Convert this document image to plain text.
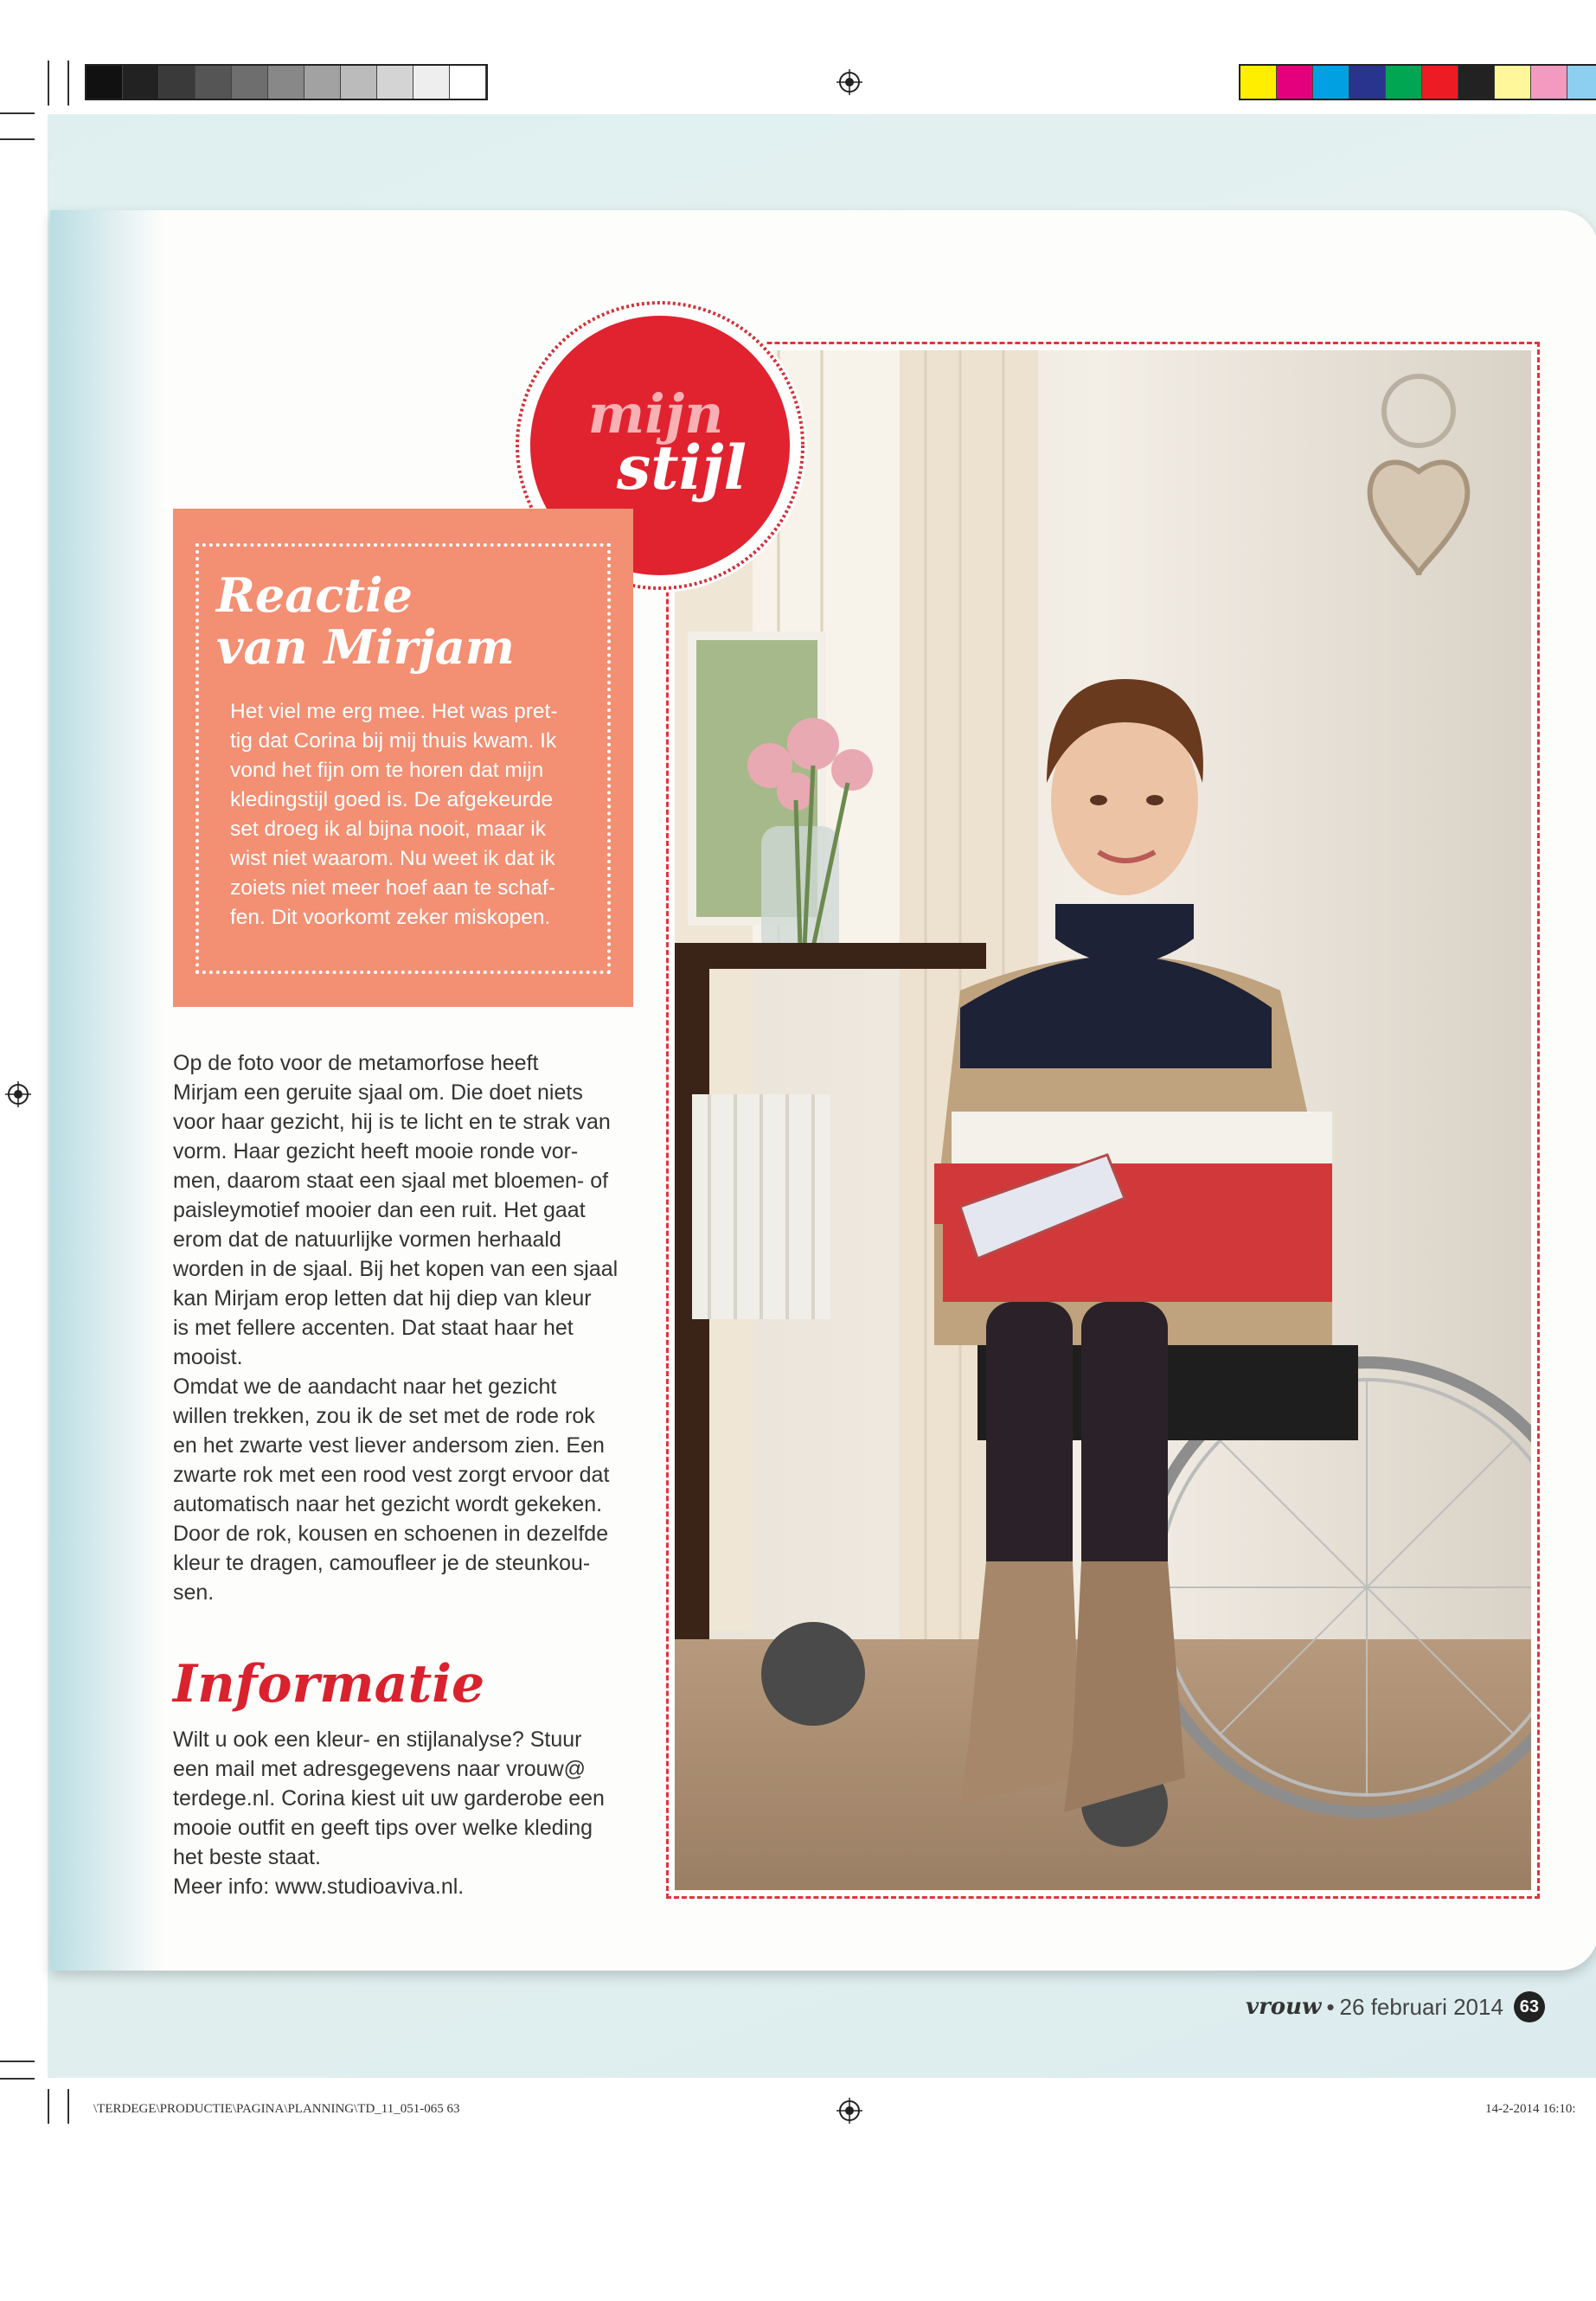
mijn
stijl
Reactie
van Mirjam

Het viel me erg mee. Het was pret-

tig dat Corina bij mij thuis kwam. Ik

vond het fijn om te horen dat mijn

kledingstijl goed is. De afgekeurde

set droeg ik al bijna nooit, maar ik

wist niet waarom. Nu weet ik dat ik

zoiets niet meer hoef aan te schaf-

fen. Dit voorkomt zeker miskopen.

Op de foto voor de metamorfose heeft

Mirjam een geruite sjaal om. Die doet niets

voor haar gezicht, hij is te licht en te strak van

vorm. Haar gezicht heeft mooie ronde vor-

men, daarom staat een sjaal met bloemen- of

paisleymotief mooier dan een ruit. Het gaat

erom dat de natuurlijke vormen herhaald

worden in de sjaal. Bij het kopen van een sjaal

kan Mirjam erop letten dat hij diep van kleur

is met fellere accenten. Dat staat haar het

mooist.

Omdat we de aandacht naar het gezicht

willen trekken, zou ik de set met de rode rok

en het zwarte vest liever andersom zien. Een

zwarte rok met een rood vest zorgt ervoor dat

automatisch naar het gezicht wordt gekeken.

Door de rok, kousen en schoenen in dezelfde

kleur te dragen, camoufleer je de steunkou-

sen.

Informatie

Wilt u ook een kleur- en stijlanalyse? Stuur

een mail met adresgegevens naar vrouw@

terdege.nl. Corina kiest uit uw garderobe een

mooie outfit en geeft tips over welke kleding

het beste staat.

Meer info: www.studioaviva.nl.

vrouw • 26 februari 2014 63
\TERDEGE\PRODUCTIE\PAGINA\PLANNING\TD_11_051-065 63	14-2-2014 16:10:
